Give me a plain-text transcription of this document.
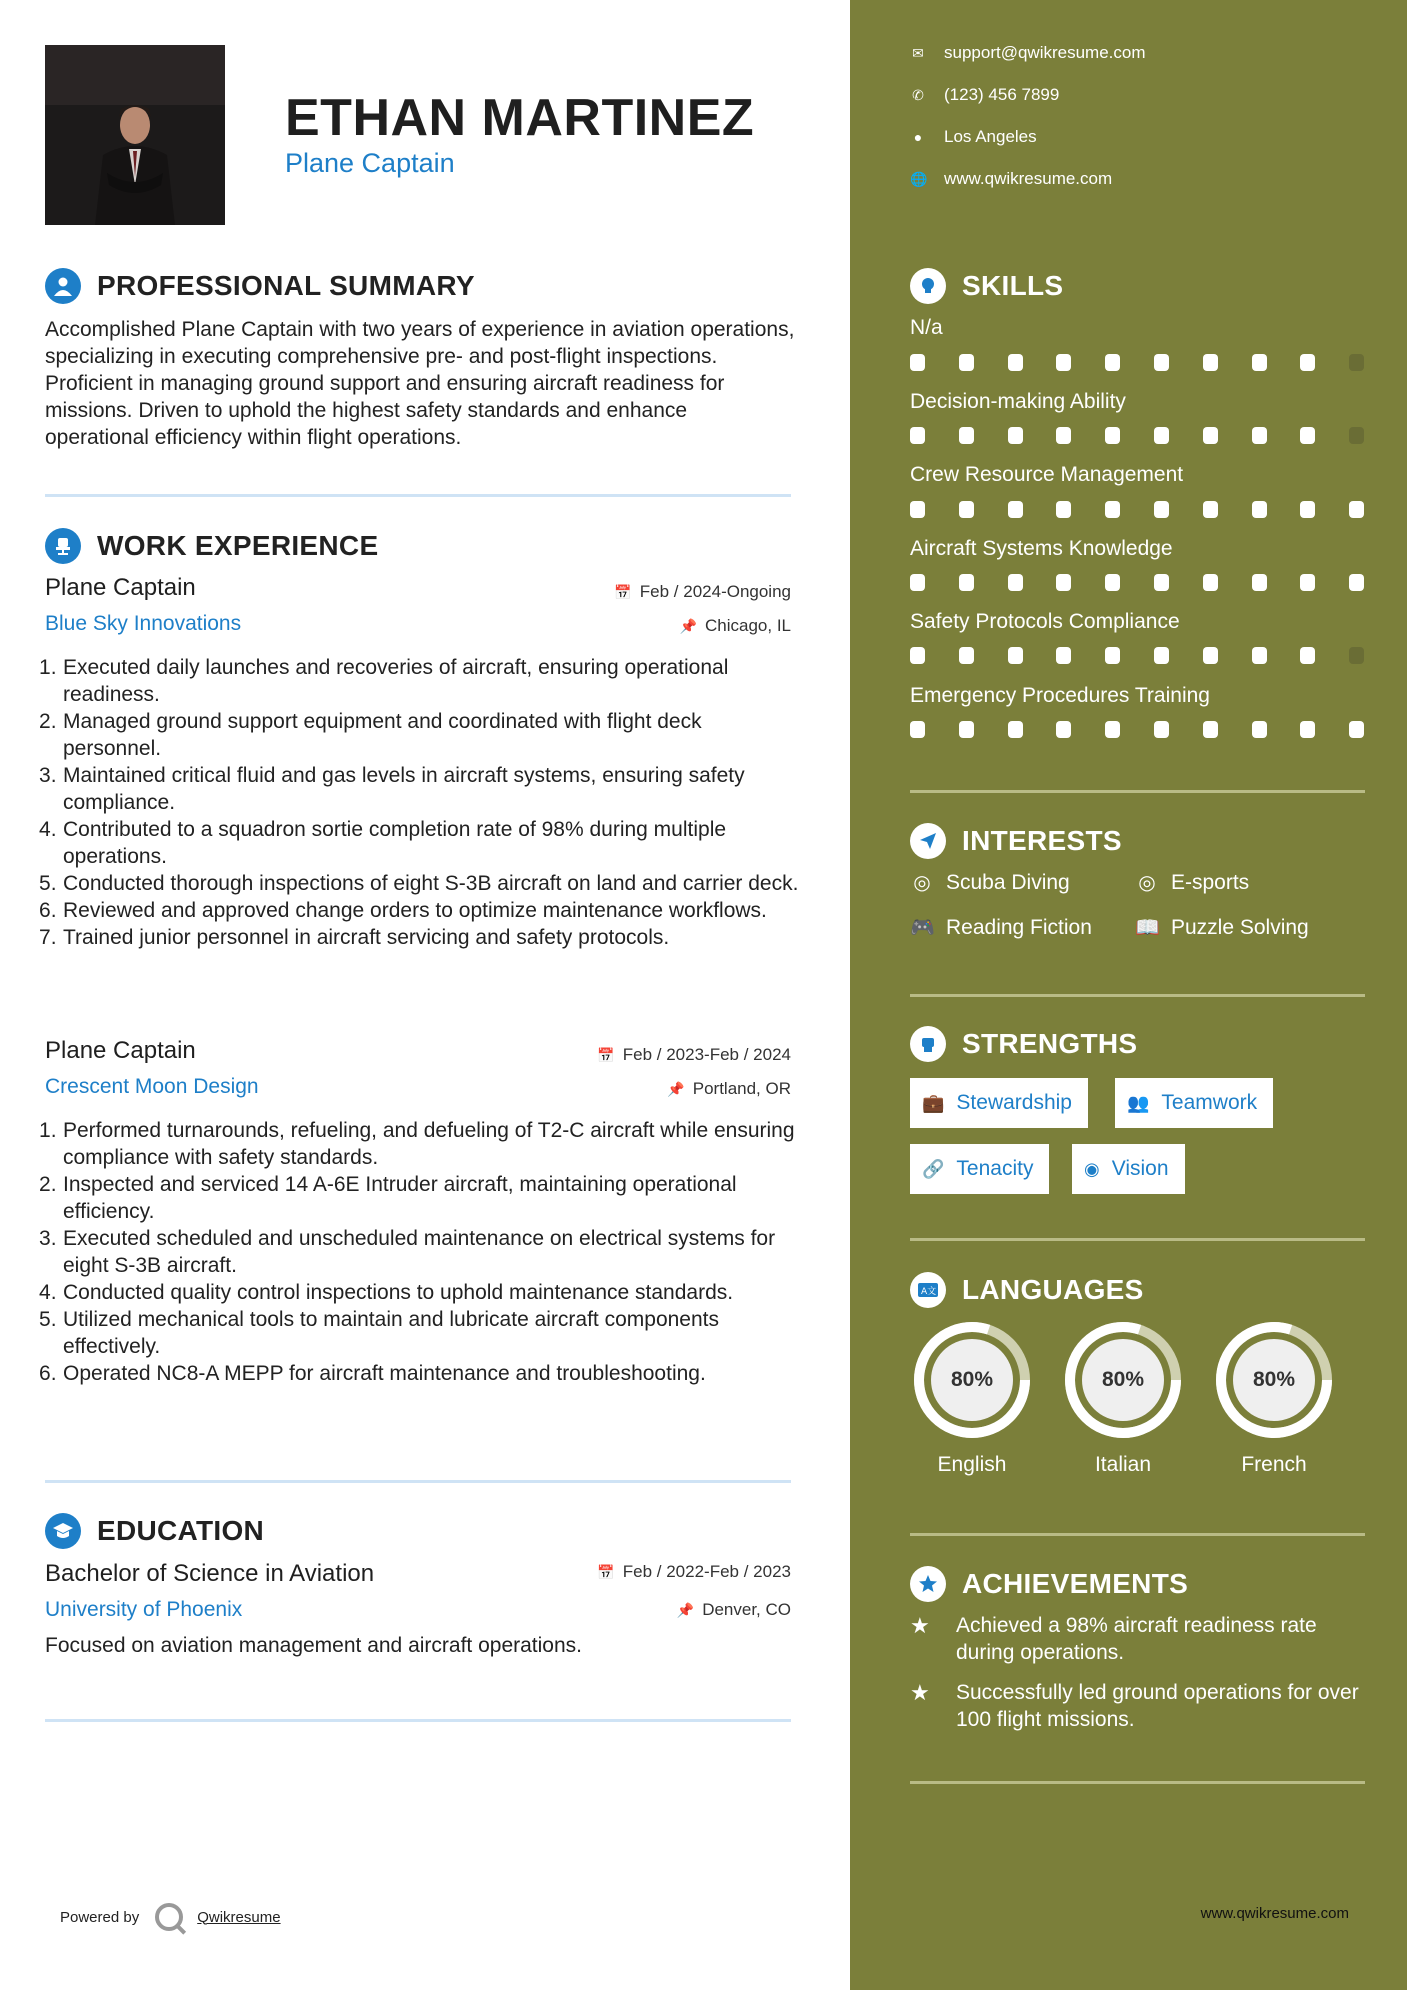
ETHAN MARTINEZ
Plane Captain
PROFESSIONAL SUMMARY
Accomplished Plane Captain with two years of experience in aviation operations, specializing in executing comprehensive pre- and post-flight inspections. Proficient in managing ground support and ensuring aircraft readiness for missions. Driven to uphold the highest safety standards and enhance operational efficiency within flight operations.
WORK EXPERIENCE
Plane Captain	📅 Feb / 2024-Ongoing
Blue Sky Innovations	📌 Chicago, IL
Executed daily launches and recoveries of aircraft, ensuring operational readiness.
Managed ground support equipment and coordinated with flight deck personnel.
Maintained critical fluid and gas levels in aircraft systems, ensuring safety compliance.
Contributed to a squadron sortie completion rate of 98% during multiple operations.
Conducted thorough inspections of eight S-3B aircraft on land and carrier deck.
Reviewed and approved change orders to optimize maintenance workflows.
Trained junior personnel in aircraft servicing and safety protocols.
Plane Captain	📅 Feb / 2023-Feb / 2024
Crescent Moon Design	📌 Portland, OR
Performed turnarounds, refueling, and defueling of T2-C aircraft while ensuring compliance with safety standards.
Inspected and serviced 14 A-6E Intruder aircraft, maintaining operational efficiency.
Executed scheduled and unscheduled maintenance on electrical systems for eight S-3B aircraft.
Conducted quality control inspections to uphold maintenance standards.
Utilized mechanical tools to maintain and lubricate aircraft components effectively.
Operated NC8-A MEPP for aircraft maintenance and troubleshooting.
EDUCATION
Bachelor of Science in Aviation	📅 Feb / 2022-Feb / 2023
University of Phoenix	📌 Denver, CO
Focused on aviation management and aircraft operations.
Powered by	Qwikresume
✉ support@qwikresume.com
✆ (123) 456 7899
● Los Angeles
🌐 www.qwikresume.com
SKILLS
N/a
Decision-making Ability
Crew Resource Management
Aircraft Systems Knowledge
Safety Protocols Compliance
Emergency Procedures Training
INTERESTS
◎ Scuba Diving	◎ E-sports
🎮 Reading Fiction 📖 Puzzle Solving
STRENGTHS
💼 Stewardship	👥 Teamwork
🔗 Tenacity	◉ Vision
A文 LANGUAGES
80%
English
80%
Italian
80%
French
ACHIEVEMENTS
★	Achieved a 98% aircraft readiness rate during operations.
★	Successfully led ground operations for over 100 flight missions.
www.qwikresume.com
